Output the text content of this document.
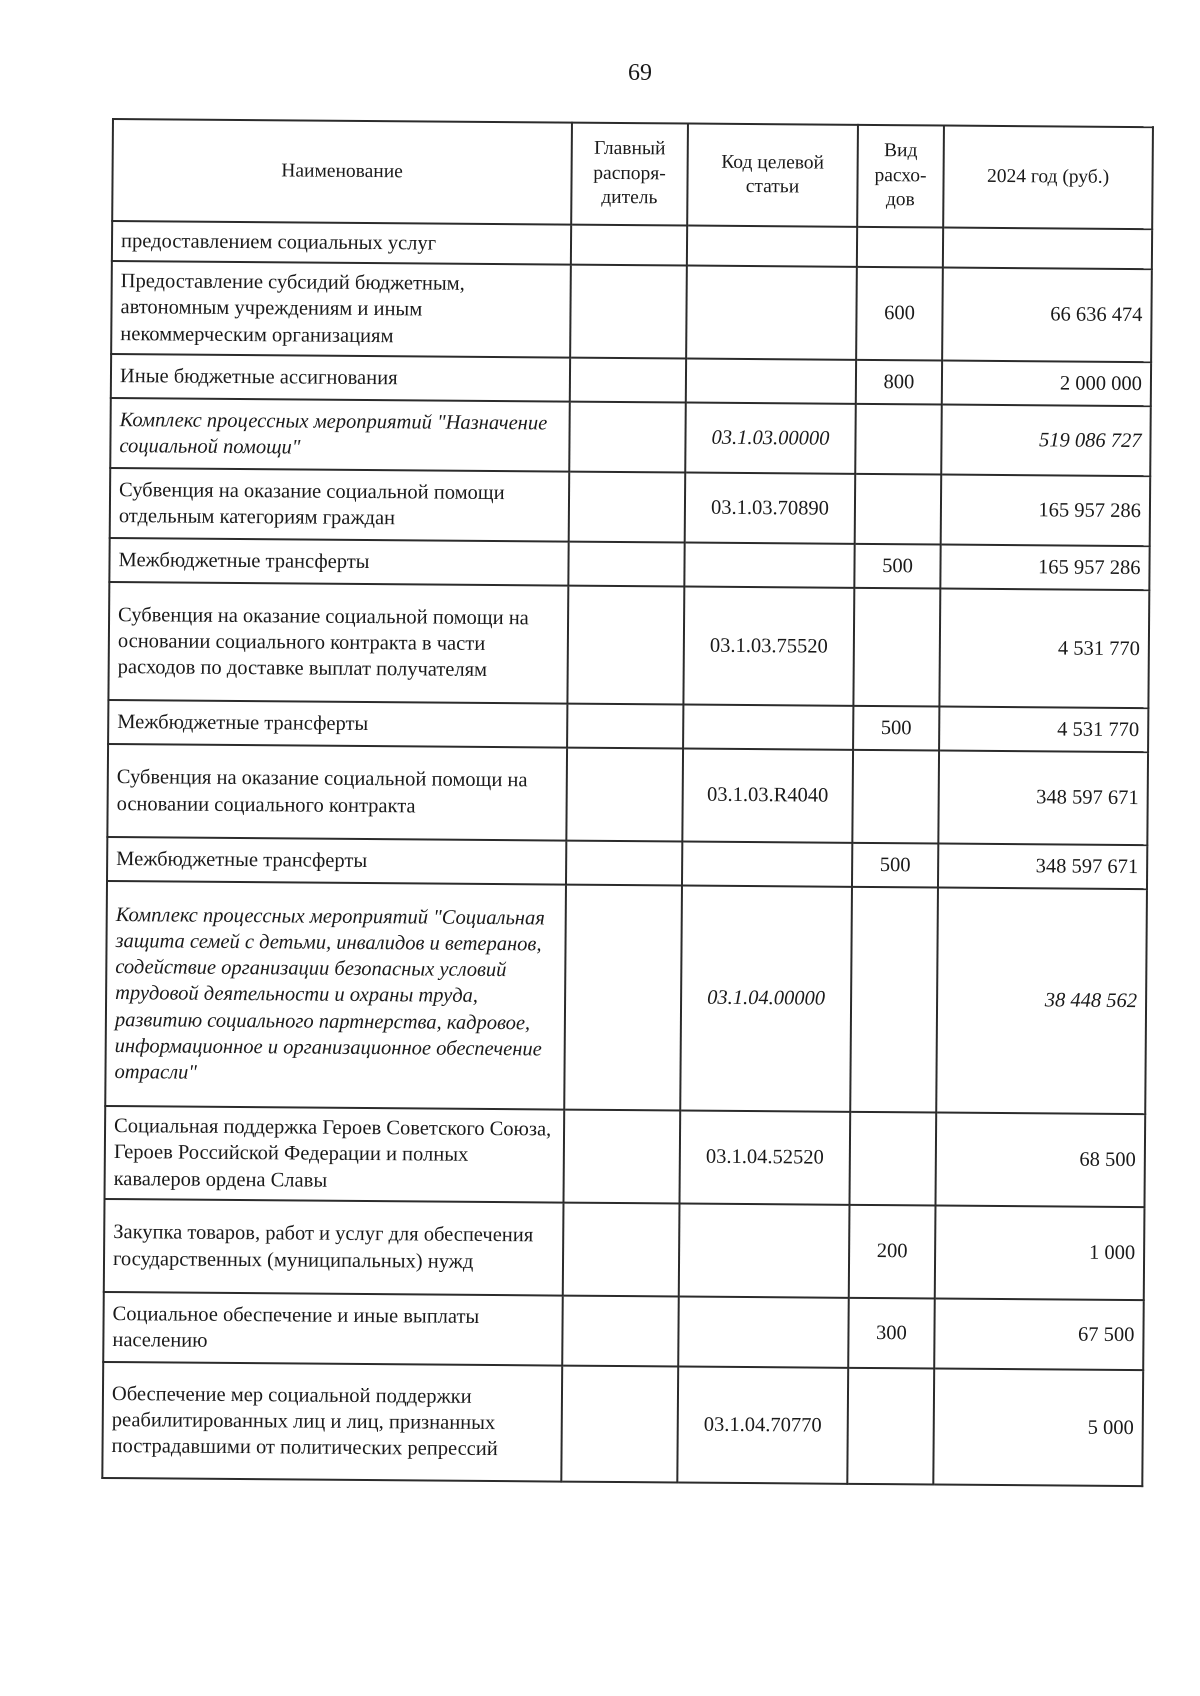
69
Наименование	Главный распоря-дитель	Код целевой статьи	Вид расхо-дов	2024 год (руб.)
предоставлением социальных услуг				
Предоставление субсидий бюджетным, автономным учреждениям и иным некоммерческим организациям			600	66 636 474
Иные бюджетные ассигнования			800	2 000 000
Комплекс процессных мероприятий "Назначение социальной помощи"		03.1.03.00000		519 086 727
Субвенция на оказание социальной помощи отдельным категориям граждан		03.1.03.70890		165 957 286
Межбюджетные трансферты			500	165 957 286
Субвенция на оказание социальной помощи на основании социального контракта в части расходов по доставке выплат получателям		03.1.03.75520		4 531 770
Межбюджетные трансферты			500	4 531 770
Субвенция на оказание социальной помощи на основании социального контракта		03.1.03.R4040		348 597 671
Межбюджетные трансферты			500	348 597 671
Комплекс процессных мероприятий "Социальная защита семей с детьми, инвалидов и ветеранов, содействие организации безопасных условий трудовой деятельности и охраны труда, развитию социального партнерства, кадровое, информационное и организационное обеспечение отрасли"		03.1.04.00000		38 448 562
Социальная поддержка Героев Советского Союза, Героев Российской Федерации и полных кавалеров ордена Славы		03.1.04.52520		68 500
Закупка товаров, работ и услуг для обеспечения государственных (муниципальных) нужд			200	1 000
Социальное обеспечение и иные выплаты населению			300	67 500
Обеспечение мер социальной поддержки реабилитированных лиц и лиц, признанных пострадавшими от политических репрессий		03.1.04.70770		5 000
